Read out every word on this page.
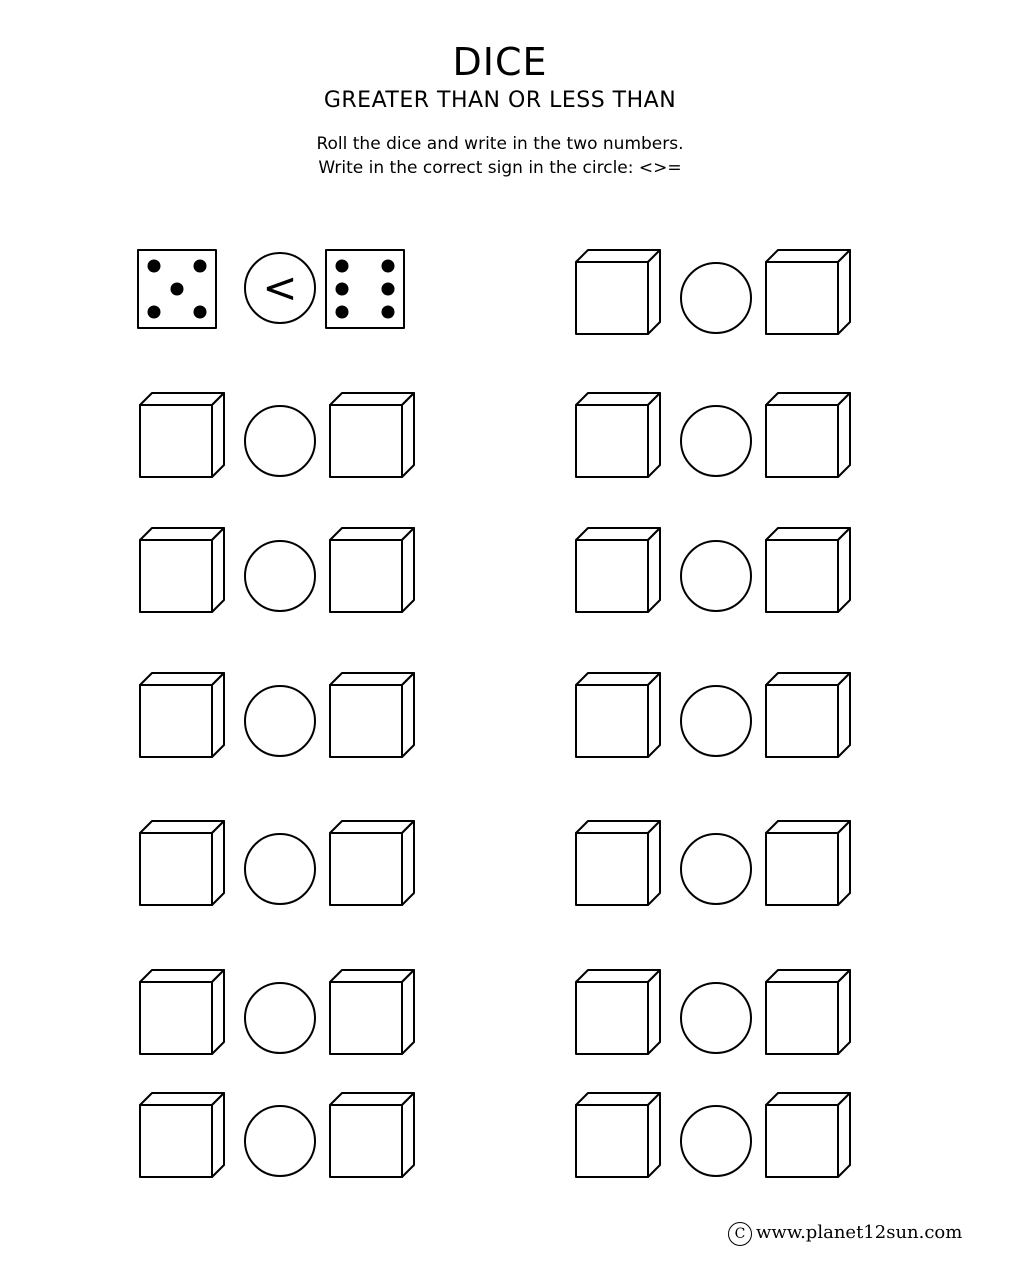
DICE
GREATER THAN OR LESS THAN

Roll the dice and write in the two numbers.

Write in the correct sign in the circle: <>=

<
C www.planet12sun.com
